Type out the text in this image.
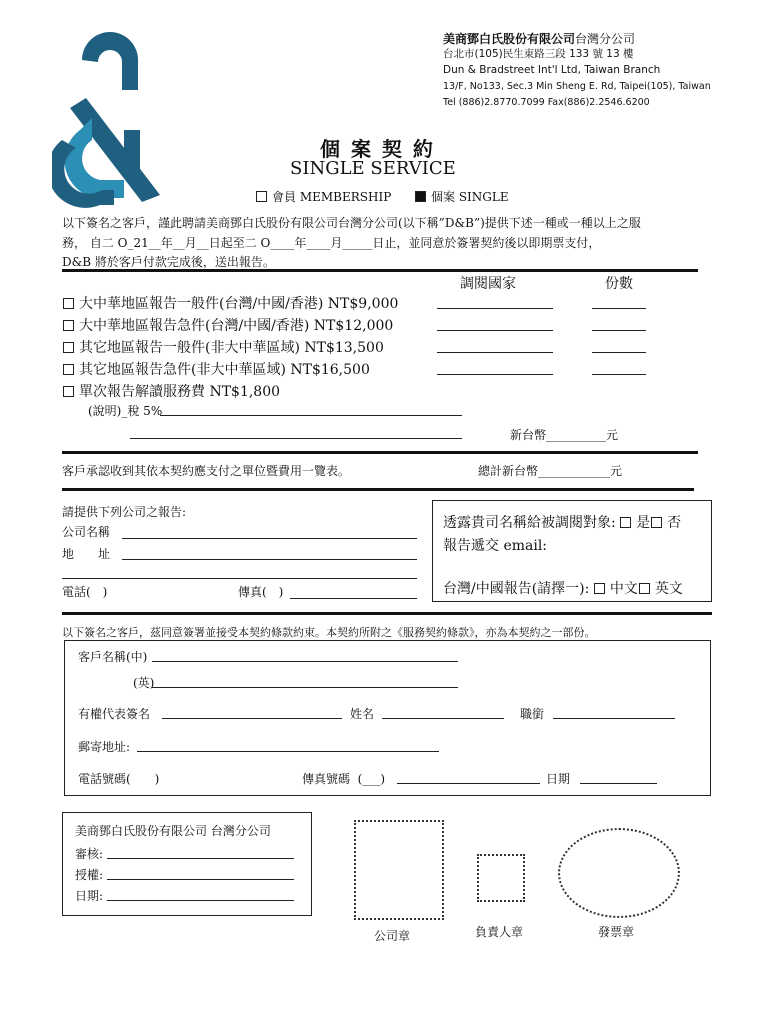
美商鄧白氏股份有限公司台灣分公司
台北市(105)民生東路三段 133 號 13 樓
Dun & Bradstreet Int'l Ltd, Taiwan Branch
13/F, No133, Sec.3 Min Sheng E. Rd, Taipei(105), Taiwan
Tel (886)2.8770.7099 Fax(886)2.2546.6200
個 案 契 約
SINGLE SERVICE
會員 MEMBERSHIP	個案 SINGLE
以下簽名之客戶，謹此聘請美商鄧白氏股份有限公司台灣分公司(以下稱”D&B”)提供下述一種或一種以上之服
務， 自二 O_21__年__月__日起至二 O____年____月_____日止，並同意於簽署契約後以即期票支付，
D&B 將於客戶付款完成後，送出報告。
調閱國家	份數
大中華地區報告一般件(台灣/中國/香港) NT$9,000
大中華地區報告急件(台灣/中國/香港) NT$12,000
其它地區報告一般件(非大中華區域) NT$13,500
其它地區報告急件(非大中華區域) NT$16,500
單次報告解讀服務費 NT$1,800
(說明)_稅 5%
新台幣__________元
客戶承認收到其依本契約應支付之單位暨費用一覽表。	總計新台幣____________元
請提供下列公司之報告:
公司名稱
地　　址
電話(　)	傳真(　)
透露貴司名稱給被調閱對象: 是 否
報告遞交 email:
台灣/中國報告(請擇一): 中文 英文
以下簽名之客戶，茲同意簽署並接受本契約條款約束。本契約所附之《服務契約條款》，亦為本契約之一部份。
客戶名稱(中)
(英)
有權代表簽名	姓名	職銜
郵寄地址:
電話號碼(　　)	傳真號碼 (___)	日期
美商鄧白氏股份有限公司 台灣分公司
審核:
授權:
日期:
公司章	負責人章	發票章
